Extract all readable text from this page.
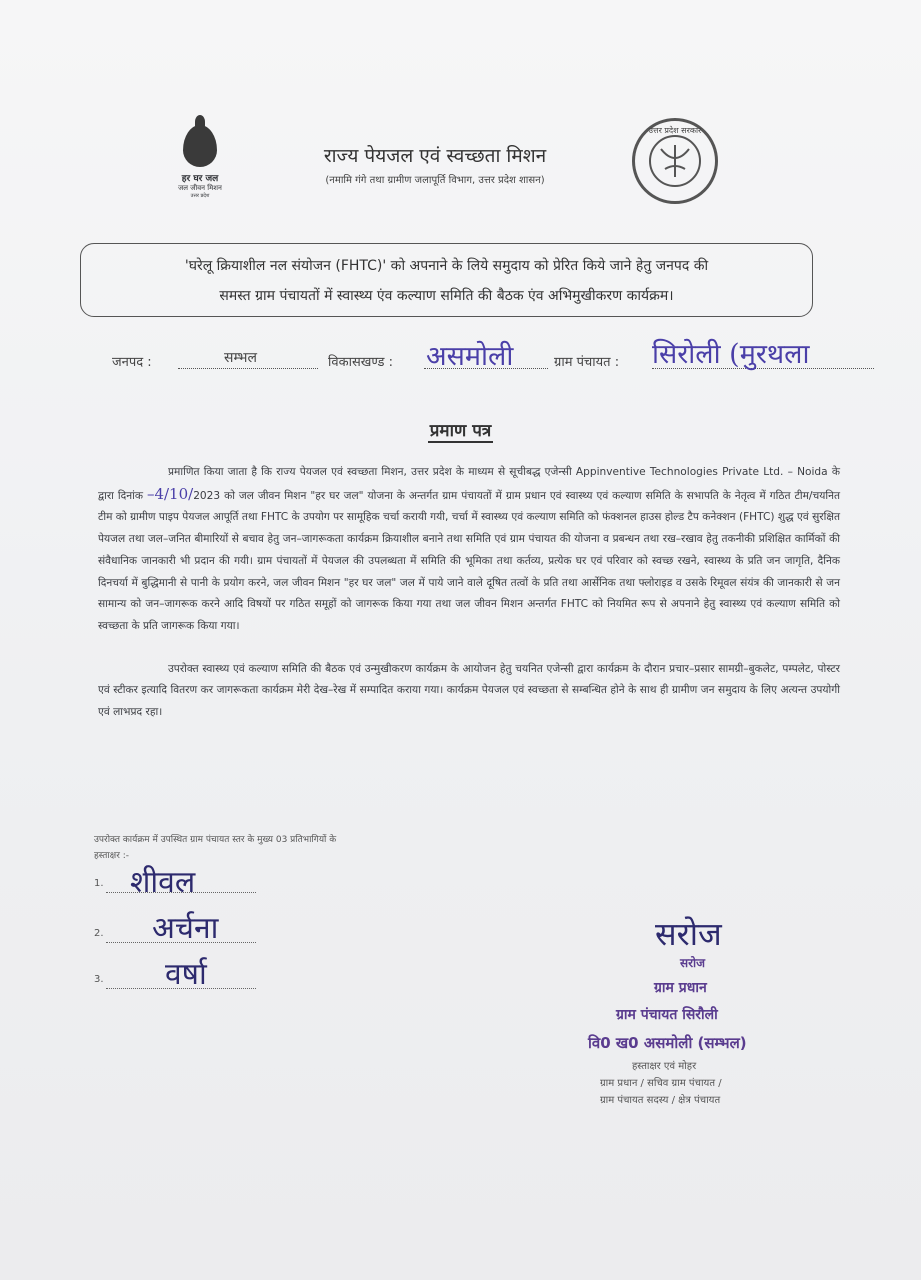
हर घर जल
जल जीवन मिशन
उत्तर प्रदेश
राज्य पेयजल एवं स्वच्छता मिशन
(नमामि गंगे तथा ग्रामीण जलापूर्ति विभाग, उत्तर प्रदेश शासन)
उत्तर प्रदेश सरकार
'घरेलू क्रियाशील नल संयोजन (FHTC)' को अपनाने के लिये समुदाय को प्रेरित किये जाने हेतु जनपद की
समस्त ग्राम पंचायतों में स्वास्थ्य एंव कल्याण समिति की बैठक एंव अभिमुखीकरण कार्यक्रम।
जनपद :	सम्भल	विकासखण्ड : असमोली	ग्राम पंचायत : सिरोली (मुरथला
प्रमाण पत्र

प्रमाणित किया जाता है कि राज्य पेयजल एवं स्वच्छता मिशन, उत्तर प्रदेश के माध्यम से सूचीबद्ध एजेन्सी Appinventive Technologies Private Ltd. – Noida के द्वारा दिनांक –4/10/2023 को जल जीवन मिशन "हर घर जल" योजना के अन्तर्गत ग्राम पंचायतों में ग्राम प्रधान एवं स्वास्थ्य एवं कल्याण समिति के सभापति के नेतृत्व में गठित टीम/चयनित टीम को ग्रामीण पाइप पेयजल आपूर्ति तथा FHTC के उपयोग पर सामूहिक चर्चा करायी गयी, चर्चा में स्वास्थ्य एवं कल्याण समिति को फंक्शनल हाउस होल्ड टैप कनेक्शन (FHTC) शुद्ध एवं सुरक्षित पेयजल तथा जल–जनित बीमारियों से बचाव हेतु जन–जागरूकता कार्यक्रम क्रियाशील बनाने तथा समिति एवं ग्राम पंचायत की योजना व प्रबन्धन तथा रख–रखाव हेतु तकनीकी प्रशिक्षित कार्मिकों की संवैधानिक जानकारी भी प्रदान की गयी। ग्राम पंचायतों में पेयजल की उपलब्धता में समिति की भूमिका तथा कर्तव्य, प्रत्येक घर एवं परिवार को स्वच्छ रखने, स्वास्थ्य के प्रति जन जागृति, दैनिक दिनचर्या में बुद्धिमानी से पानी के प्रयोग करने, जल जीवन मिशन "हर घर जल" जल में पाये जाने वाले दूषित तत्वों के प्रति तथा आर्सेनिक तथा फ्लोराइड व उसके रिमूवल संयंत्र की जानकारी से जन सामान्य को जन–जागरूक करने आदि विषयों पर गठित समूहों को जागरूक किया गया तथा जल जीवन मिशन अन्तर्गत FHTC को नियमित रूप से अपनाने हेतु स्वास्थ्य एवं कल्याण समिति को स्वच्छता के प्रति जागरूक किया गया।

उपरोक्त स्वास्थ्य एवं कल्याण समिति की बैठक एवं उन्मुखीकरण कार्यक्रम के आयोजन हेतु चयनित एजेन्सी द्वारा कार्यक्रम के दौरान प्रचार–प्रसार सामग्री–बुकलेट, पम्पलेट, पोस्टर एवं स्टीकर इत्यादि वितरण कर जागरूकता कार्यक्रम मेरी देख–रेख में सम्पादित कराया गया। कार्यक्रम पेयजल एवं स्वच्छता से सम्बन्धित होने के साथ ही ग्रामीण जन समुदाय के लिए अत्यन्त उपयोगी एवं लाभप्रद रहा।

उपरोक्त कार्यक्रम में उपस्थित ग्राम पंचायत स्तर के मुख्य 03 प्रतिभागियों के
हस्ताक्षर :-
1. शीवल
2. अर्चना
3. वर्षा
सरोज
सरोज
ग्राम प्रधान
ग्राम पंचायत सिरौली
वि0 ख0 असमोली (सम्भल)
हस्ताक्षर एवं मोहर
ग्राम प्रधान / सचिव ग्राम पंचायत /
ग्राम पंचायत सदस्य / क्षेत्र पंचायत
